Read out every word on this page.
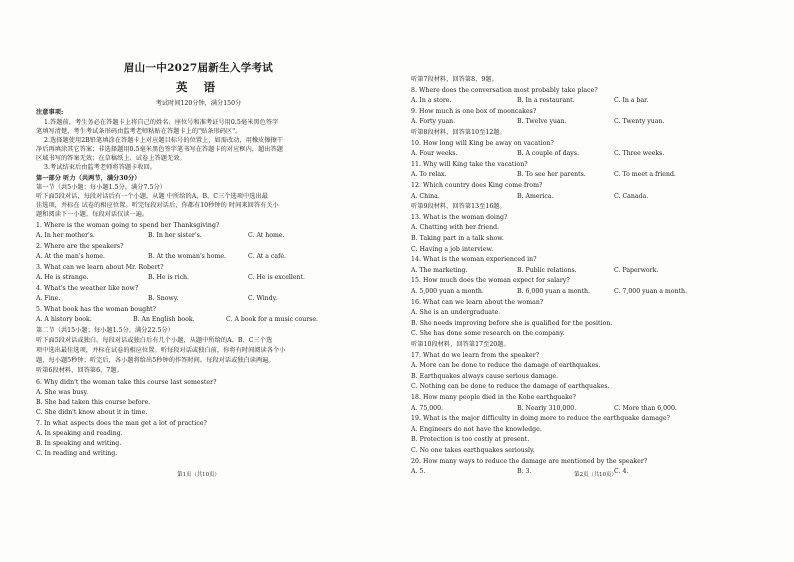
眉山一中2027届新生入学考试
英 语
考试时间120分钟，满分150分
注意事项:
1.答题前，考生务必在答题卡上将自己的姓名、座位号和准考证号用0.5毫米黑色签字
笔填写清楚，考生考试条形码由监考老师粘贴在答题卡上的"贴条形码区"。
2.选择题使用2B铅笔填涂在答题卡上对应题目标号的位置上，如需改动，用橡皮擦擦干
净后再填涂其它答案；非选择题用0.5毫米黑色签字笔书写在答题卡的对应框内，超出答题
区域书写的答案无效；在草稿纸上、试卷上答题无效。
3.考试结束后由监考老师将答题卡收回。
第一部分 听力（共两节，满分30分）
第一节（共5小题；每小题1.5分，满分7.5分）
听下面5段对话，每段对话后有一个小题，从题 中所给的A、B、C三个选项中选出最
佳选项，并标在 试卷的相应位置。听完每段对话后，你都有10秒钟的 时间来回答有关小
题和阅读下一小题。每段对话仅读一遍。
1. Where is the woman going to spend her Thanksgiving?
A. In her mother's.	B. In her sister's.	C. At home.
2. Where are the speakers?
A. At the man's home.	B. At the woman's home.	C. At a café.
3. What can we learn about Mr. Robert?
A. He is strange.	B. He is rich.	C. He is excellent.
4. What's the weather like now?
A. Fine.	B. Snowy.	C. Windy.
5. What book has the woman bought?
A. A history book.	B. An English book.	C. A book for a music course.
第二节（共15小题；每小题1.5分，满分22.5分）
听下面5段对话或独白。每段对话或独白后有几个小题，从题中所给的A、B、C三个选
项中选出最佳选项，并标在试卷的相应位置。听每段对话或独白前，你将有时间阅读各个小
题，每小题5秒钟；听完后，各小题将给出5秒钟的作答时间。每段对话或独白读两遍。
听第6段材料，回答第6、7题。
6. Why didn't the woman take this course last semester?
A. She was busy.
B. She had taken this course before.
C. She didn't know about it in time.
7. In what aspects does the man get a lot of practice?
A. In speaking and reading.
B. In speaking and writing.
C. In reading and writing.
第1页（共10页）
听第7段材料，回答第8、9题。
8. Where does the conversation most probably take place?
A. In a store.	B. In a restaurant.	C. In a bar.
9. How much is one box of mooncakes?
A. Forty yuan.	B. Twelve yuan.	C. Twenty yuan.
听第8段材料，回答第10至12题。
10. How long will King be away on vacation?
A. Four weeks.	B. A couple of days.	C. Three weeks.
11. Why will King take the vacation?
A. To relax.	B. To see her parents.	C. To meet a friend.
12. Which country does King come from?
A. China.	B. America.	C. Canada.
听第9段材料，回答第13至16题。
13. What is the woman doing?
A. Chatting with her friend.
B. Taking part in a talk show.
C. Having a job interview.
14. What is the woman experienced in?
A. The marketing.	B. Public relations.	C. Paperwork.
15. How much does the woman expect for salary?
A. 5,000 yuan a month.	B. 6,000 yuan a month.	C. 7,000 yuan a month.
16. What can we learn about the woman?
A. She is an undergraduate.
B. She needs improving before she is qualified for the position.
C. She has done some research on the company.
听第10段材料，回答第17至20题。
17. What do we learn from the speaker?
A. More can be done to reduce the damage of earthquakes.
B. Earthquakes always cause serious damage.
C. Nothing can be done to reduce the damage of earthquakes.
18. How many people died in the Kobe earthquake?
A. 75,000.	B. Nearly 310,000.	C. More than 6,000.
19. What is the major difficulty in doing more to reduce the earthquake damage?
A. Engineers do not have the knowledge.
B. Protection is too costly at present.
C. No one takes earthquakes seriously.
20. How many ways to reduce the damage are mentioned by the speaker?
A. 5.	B. 3.	C. 4.
第2页（共10页）
